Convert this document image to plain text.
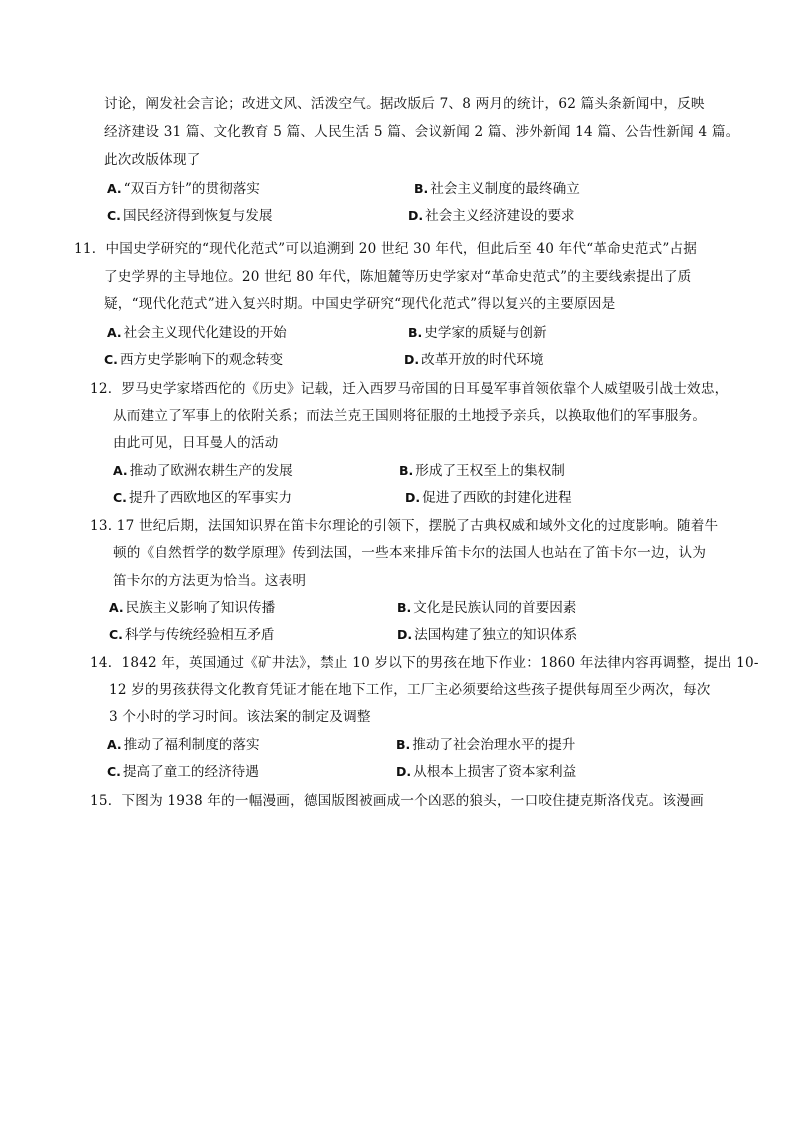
讨论，阐发社会言论；改进文风、活泼空气。据改版后 7、8 两月的统计，62 篇头条新闻中，反映
经济建设 31 篇、文化教育 5 篇、人民生活 5 篇、会议新闻 2 篇、涉外新闻 14 篇、公告性新闻 4 篇。
此次改版体现了
A. “双百方针”的贯彻落实	B. 社会主义制度的最终确立
C. 国民经济得到恢复与发展	D. 社会主义经济建设的要求
11．中国史学研究的“现代化范式”可以追溯到 20 世纪 30 年代，但此后至 40 年代“革命史范式”占据
了史学界的主导地位。20 世纪 80 年代，陈旭麓等历史学家对“革命史范式”的主要线索提出了质
疑，“现代化范式”进入复兴时期。中国史学研究“现代化范式”得以复兴的主要原因是
A. 社会主义现代化建设的开始	B. 史学家的质疑与创新
C. 西方史学影响下的观念转变	D. 改革开放的时代环境
12．罗马史学家塔西佗的《历史》记载，迁入西罗马帝国的日耳曼军事首领依靠个人威望吸引战士效忠，
从而建立了军事上的依附关系；而法兰克王国则将征服的土地授予亲兵，以换取他们的军事服务。
由此可见，日耳曼人的活动
A. 推动了欧洲农耕生产的发展	B. 形成了王权至上的集权制
C. 提升了西欧地区的军事实力	D. 促进了西欧的封建化进程
13. 17 世纪后期，法国知识界在笛卡尔理论的引领下，摆脱了古典权威和域外文化的过度影响。随着牛
顿的《自然哲学的数学原理》传到法国，一些本来排斥笛卡尔的法国人也站在了笛卡尔一边，认为
笛卡尔的方法更为恰当。这表明
A. 民族主义影响了知识传播	B. 文化是民族认同的首要因素
C. 科学与传统经验相互矛盾	D. 法国构建了独立的知识体系
14．1842 年，英国通过《矿井法》，禁止 10 岁以下的男孩在地下作业：1860 年法律内容再调整，提出 10-
12 岁的男孩获得文化教育凭证才能在地下工作，工厂主必须要给这些孩子提供每周至少两次，每次
3 个小时的学习时间。该法案的制定及调整
A. 推动了福利制度的落实	B. 推动了社会治理水平的提升
C. 提高了童工的经济待遇	D. 从根本上损害了资本家利益
15．下图为 1938 年的一幅漫画，德国版图被画成一个凶恶的狼头，一口咬住捷克斯洛伐克。该漫画
